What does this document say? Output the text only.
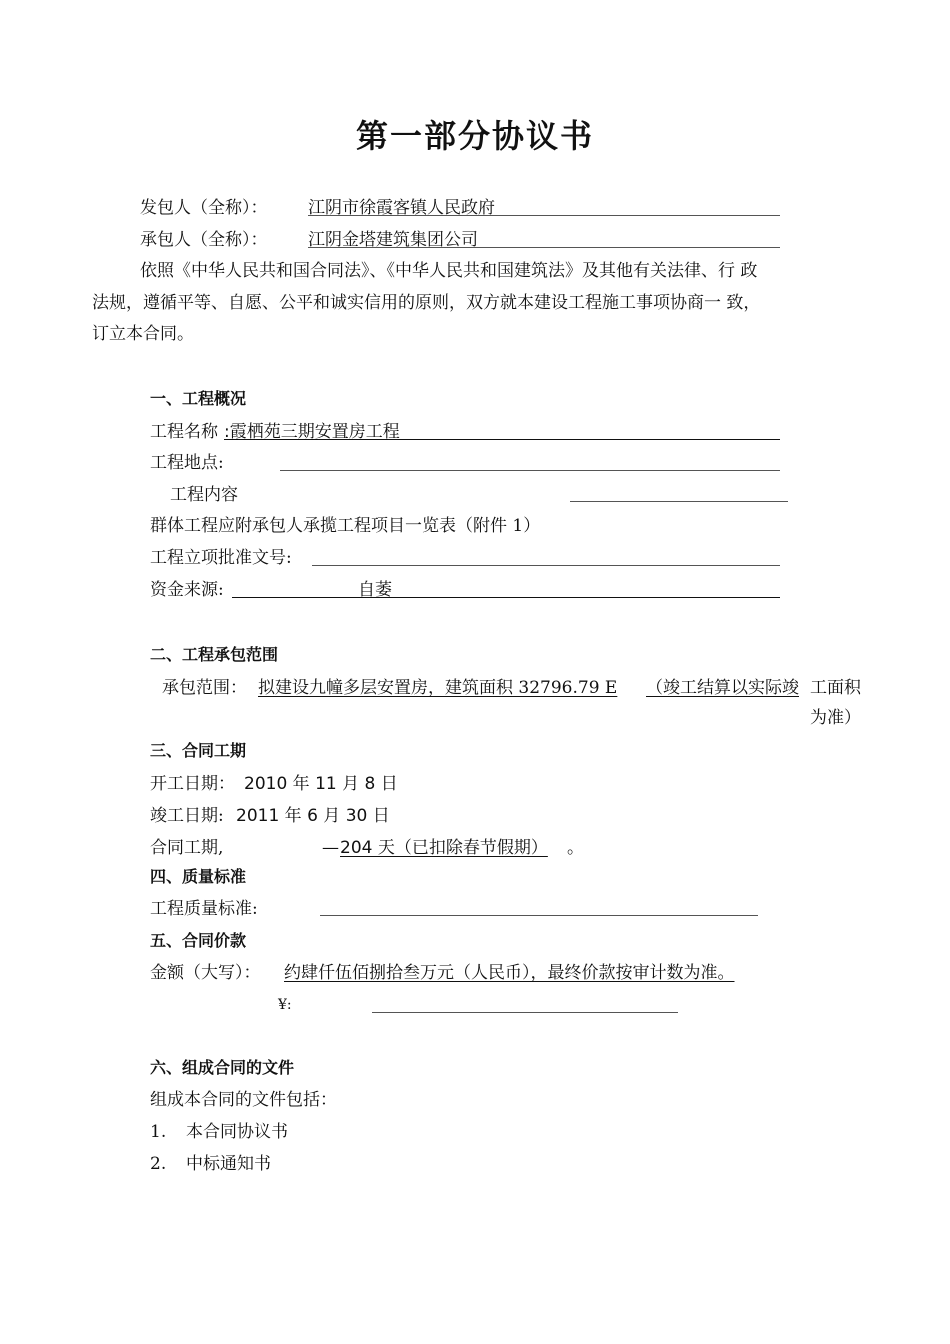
第一部分协议书
发包人（全称）： 江阴市徐霞客镇人民政府
承包人（全称）： 江阴金塔建筑集团公司
依照《中华人民共和国合同法》、《中华人民共和国建筑法》及其他有关法律、行 政
法规，遵循平等、自愿、公平和诚实信用的原则，双方就本建设工程施工事项协商一 致，
订立本合同。
一、工程概况
工程名称 :霞栖苑三期安置房工程
工程地点:
工程内容
群体工程应附承包人承揽工程项目一览表（附件 1）
工程立项批准文号:
资金来源:	自萎
二、工程承包范围
承包范围： 拟建设九幢多层安置房，建筑面积 32796.79 E （竣工结算以实际竣 工面积
为准）
三、合同工期
开工日期： 2010 年 11 月 8 日
竣工日期: 2011 年 6 月 30 日
合同工期,	— 204 天（已扣除春节假期） 。
四、质量标准
工程质量标准:
五、合同价款
金额（大写）： 约肆仟伍佰捌拾叁万元（人民币），最终价款按审计数为准。
¥:
六、组成合同的文件
组成本合同的文件包括：
1. 本合同协议书
2. 中标通知书
